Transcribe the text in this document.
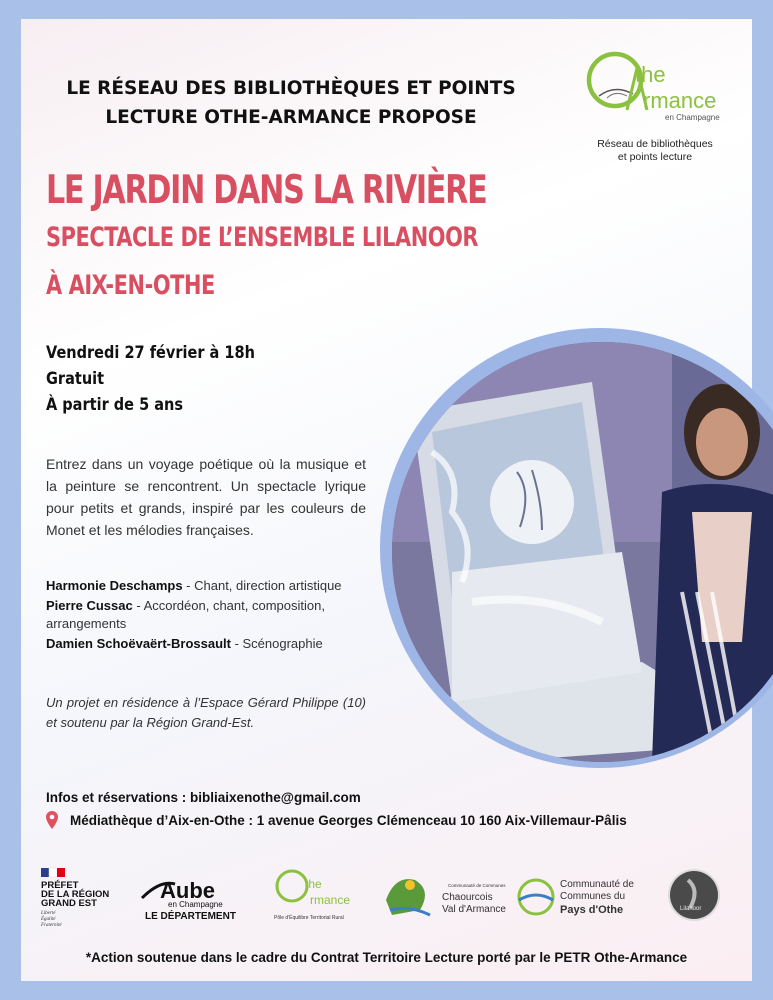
LE RÉSEAU DES BIBLIOTHÈQUES ET POINTS
LECTURE OTHE-ARMANCE PROPOSE
the
rmance
en Champagne
Réseau de bibliothèques
et points lecture
LE JARDIN DANS LA RIVIÈRE
SPECTACLE DE L’ENSEMBLE LILANOOR
À AIX-EN-OTHE
Vendredi 27 février à 18h
Gratuit
À partir de 5 ans
Entrez dans un voyage poétique où la musique et la peinture se rencontrent. Un spectacle lyrique pour petits et grands, inspiré par les couleurs de Monet et les mélodies françaises.
Harmonie Deschamps - Chant, direction artistique
Pierre Cussac - Accordéon, chant, composition, arrangements
Damien Schoëvaërt-Brossault - Scénographie
Un projet en résidence à l’Espace Gérard Philippe (10) et soutenu par la Région Grand-Est.
Infos et réservations : bibliaixenothe@gmail.com
Médiathèque d’Aix-en-Othe : 1 avenue Georges Clémenceau 10 160 Aix-Villemaur-Pâlis
PRÉFET
DE LA RÉGION
GRAND EST
Liberté
Égalité
Fraternité
Aube
en Champagne
LE DÉPARTEMENT
the
rmance
Pôle d'Équilibre Territorial Rural
Communauté de Communes
Chaourcois
Val d'Armance
Communauté de
Communes du
Pays d'Othe	Lilanoor
*Action soutenue dans le cadre du Contrat Territoire Lecture porté par le PETR Othe-Armance
